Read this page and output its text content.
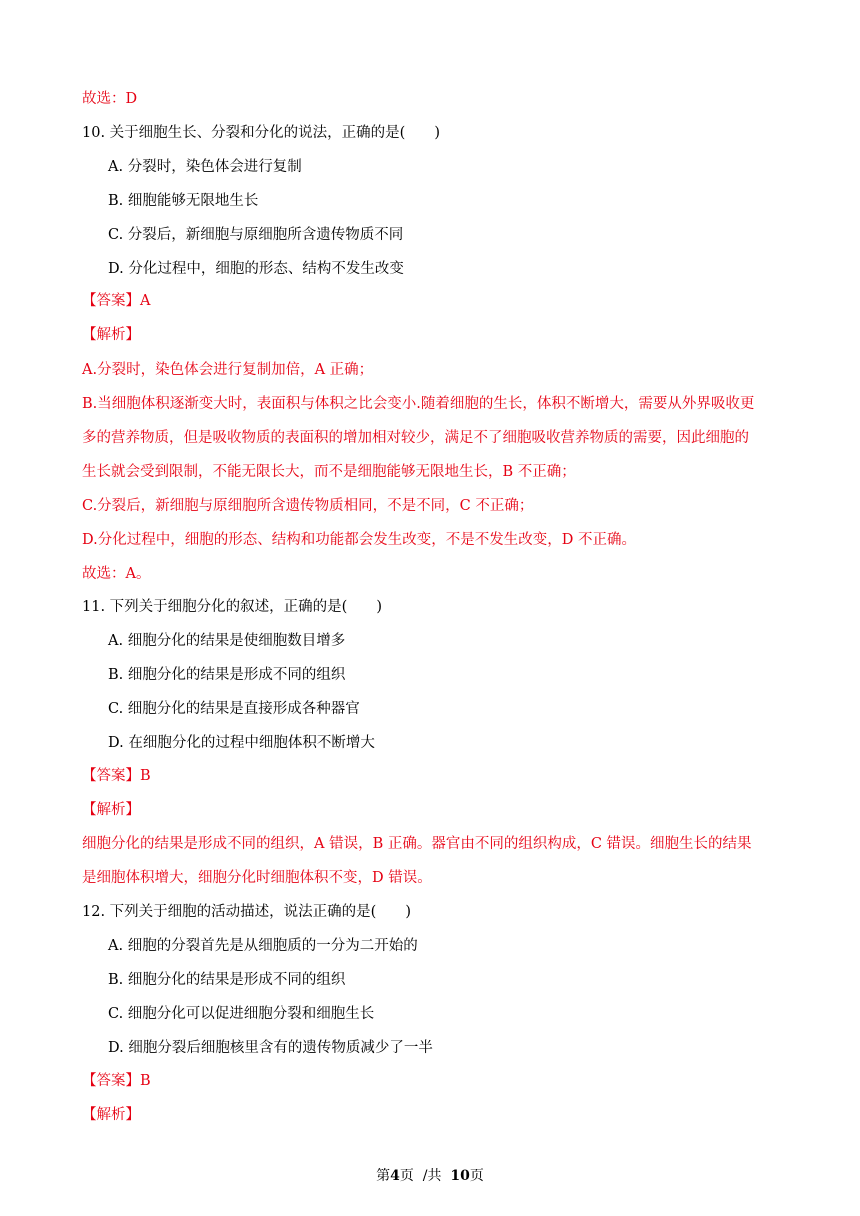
故选：D
10. 关于细胞生长、分裂和分化的说法，正确的是(　　)
A. 分裂时，染色体会进行复制
B. 细胞能够无限地生长
C. 分裂后，新细胞与原细胞所含遗传物质不同
D. 分化过程中，细胞的形态、结构不发生改变
【答案】A
【解析】
A.分裂时，染色体会进行复制加倍，A 正确；
B.当细胞体积逐渐变大时，表面积与体积之比会变小.随着细胞的生长，体积不断增大，需要从外界吸收更
多的营养物质，但是吸收物质的表面积的增加相对较少，满足不了细胞吸收营养物质的需要，因此细胞的
生长就会受到限制，不能无限长大，而不是细胞能够无限地生长，B 不正确；
C.分裂后，新细胞与原细胞所含遗传物质相同，不是不同，C 不正确；
D.分化过程中，细胞的形态、结构和功能都会发生改变，不是不发生改变，D 不正确。
故选：A。
11. 下列关于细胞分化的叙述，正确的是(　　)
A. 细胞分化的结果是使细胞数目增多
B. 细胞分化的结果是形成不同的组织
C. 细胞分化的结果是直接形成各种器官
D. 在细胞分化的过程中细胞体积不断增大
【答案】B
【解析】
细胞分化的结果是形成不同的组织，A 错误，B 正确。器官由不同的组织构成，C 错误。细胞生长的结果
是细胞体积增大，细胞分化时细胞体积不变，D 错误。
12. 下列关于细胞的活动描述，说法正确的是(　　)
A. 细胞的分裂首先是从细胞质的一分为二开始的
B. 细胞分化的结果是形成不同的组织
C. 细胞分化可以促进细胞分裂和细胞生长
D. 细胞分裂后细胞核里含有的遗传物质减少了一半
【答案】B
【解析】
第4页  /共  10页
